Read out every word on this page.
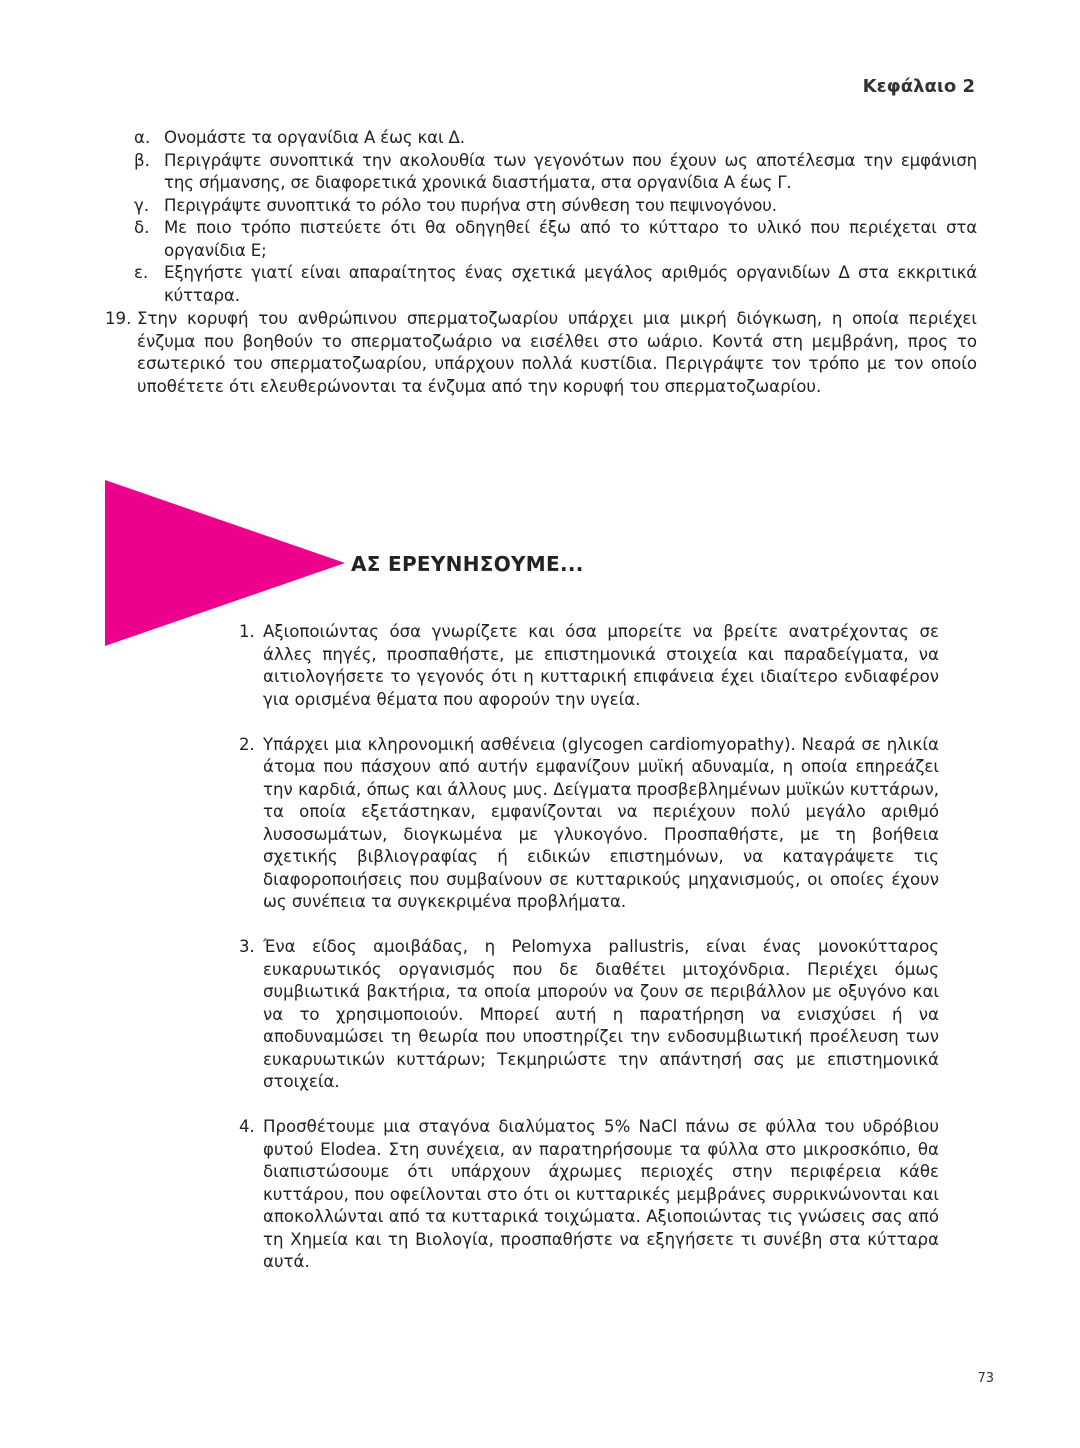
Κεφάλαιο 2
α. Ονομάστε τα οργανίδια Α έως και Δ.
β. Περιγράψτε συνοπτικά την ακολουθία των γεγονότων που έχουν ως αποτέλεσμα την εμφάνιση της σήμανσης, σε διαφορετικά χρονικά διαστήματα, στα οργανίδια Α έως Γ.
γ. Περιγράψτε συνοπτικά το ρόλο του πυρήνα στη σύνθεση του πεψινογόνου.
δ. Με ποιο τρόπο πιστεύετε ότι θα οδηγηθεί έξω από το κύτταρο το υλικό που περιέχεται στα οργανίδια Ε;
ε. Εξηγήστε γιατί είναι απαραίτητος ένας σχετικά μεγάλος αριθμός οργανιδίων Δ στα εκκριτικά κύτταρα.
19. Στην κορυφή του ανθρώπινου σπερματοζωαρίου υπάρχει μια μικρή διόγκωση, η οποία περιέχει ένζυμα που βοηθούν το σπερματοζωάριο να εισέλθει στο ωάριο. Κοντά στη μεμβράνη, προς το εσωτερικό του σπερματοζωαρίου, υπάρχουν πολλά κυστίδια. Περιγράψτε τον τρόπο με τον οποίο υποθέτετε ότι ελευθερώνονται τα ένζυμα από την κορυφή του σπερματοζωαρίου.
ΑΣ ΕΡΕΥΝΗΣΟΥΜΕ...
1. Αξιοποιώντας όσα γνωρίζετε και όσα μπορείτε να βρείτε ανατρέχοντας σε άλλες πηγές, προσπαθήστε, με επιστημονικά στοιχεία και παραδείγματα, να αιτιολογήσετε το γεγονός ότι η κυτταρική επιφάνεια έχει ιδιαίτερο ενδιαφέρον για ορισμένα θέματα που αφορούν την υγεία.
2. Υπάρχει μια κληρονομική ασθένεια (glycogen cardiomyopathy). Νεαρά σε ηλικία άτομα που πάσχουν από αυτήν εμφανίζουν μυϊκή αδυναμία, η οποία επηρεάζει την καρδιά, όπως και άλλους μυς. Δείγματα προσβεβλημένων μυϊκών κυττάρων, τα οποία εξετάστηκαν, εμφανίζονται να περιέχουν πολύ μεγάλο αριθμό λυσοσωμάτων, διογκωμένα με γλυκογόνο. Προσπαθήστε, με τη βοήθεια σχετικής βιβλιογραφίας ή ειδικών επιστημόνων, να καταγράψετε τις διαφοροποιήσεις που συμβαίνουν σε κυτταρικούς μηχανισμούς, οι οποίες έχουν ως συνέπεια τα συγκεκριμένα προβλήματα.
3. Ένα είδος αμοιβάδας, η Pelomyxa pallustris, είναι ένας μονοκύτταρος ευκαρυωτικός οργανισμός που δε διαθέτει μιτοχόνδρια. Περιέχει όμως συμβιωτικά βακτήρια, τα οποία μπορούν να ζουν σε περιβάλλον με οξυγόνο και να το χρησιμοποιούν. Μπορεί αυτή η παρατήρηση να ενισχύσει ή να αποδυναμώσει τη θεωρία που υποστηρίζει την ενδοσυμβιωτική προέλευση των ευκαρυωτικών κυττάρων; Τεκμηριώστε την απάντησή σας με επιστημονικά στοιχεία.
4. Προσθέτουμε μια σταγόνα διαλύματος 5% NaCl πάνω σε φύλλα του υδρόβιου φυτού Elodea. Στη συνέχεια, αν παρατηρήσουμε τα φύλλα στο μικροσκόπιο, θα διαπιστώσουμε ότι υπάρχουν άχρωμες περιοχές στην περιφέρεια κάθε κυττάρου, που οφείλονται στο ότι οι κυτταρικές μεμβράνες συρρικνώνονται και αποκολλώνται από τα κυτταρικά τοιχώματα. Αξιοποιώντας τις γνώσεις σας από τη Χημεία και τη Βιολογία, προσπαθήστε να εξηγήσετε τι συνέβη στα κύτταρα αυτά.
73
